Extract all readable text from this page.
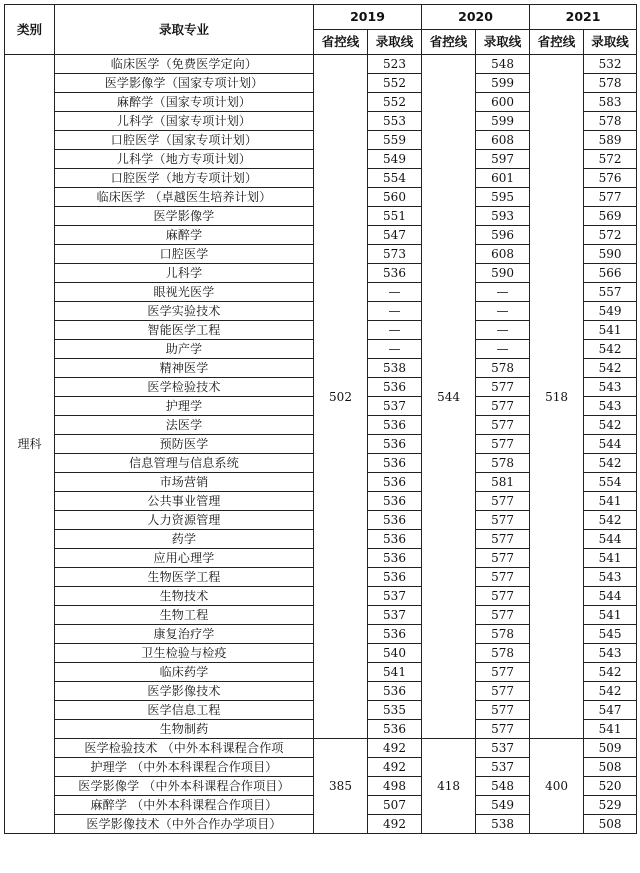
类别	录取专业	2019		2020		2021	
		省控线	录取线	省控线	录取线	省控线	录取线
理科	临床医学（免费医学定向）	502	523	544	548	518	532
	医学影像学（国家专项计划）		552		599		578
	麻醉学（国家专项计划）		552		600		583
	儿科学（国家专项计划）		553		599		578
	口腔医学（国家专项计划）		559		608		589
	儿科学（地方专项计划）		549		597		572
	口腔医学（地方专项计划）		554		601		576
	临床医学 （卓越医生培养计划）		560		595		577
	医学影像学		551		593		569
	麻醉学		547		596		572
	口腔医学		573		608		590
	儿科学		536		590		566
	眼视光医学		—		—		557
	医学实验技术		—		—		549
	智能医学工程		—		—		541
	助产学		—		—		542
	精神医学		538		578		542
	医学检验技术		536		577		543
	护理学		537		577		543
	法医学		536		577		542
	预防医学		536		577		544
	信息管理与信息系统		536		578		542
	市场营销		536		581		554
	公共事业管理		536		577		541
	人力资源管理		536		577		542
	药学		536		577		544
	应用心理学		536		577		541
	生物医学工程		536		577		543
	生物技术		537		577		544
	生物工程		537		577		541
	康复治疗学		536		578		545
	卫生检验与检疫		540		578		543
	临床药学		541		577		542
	医学影像技术		536		577		542
	医学信息工程		535		577		547
	生物制药		536		577		541
	医学检验技术 （中外本科课程合作项	385	492	418	537	400	509
	护理学 （中外本科课程合作项目）		492		537		508
	医学影像学 （中外本科课程合作项目）		498		548		520
	麻醉学 （中外本科课程合作项目）		507		549		529
	医学影像技术（中外合作办学项目）		492		538		508
